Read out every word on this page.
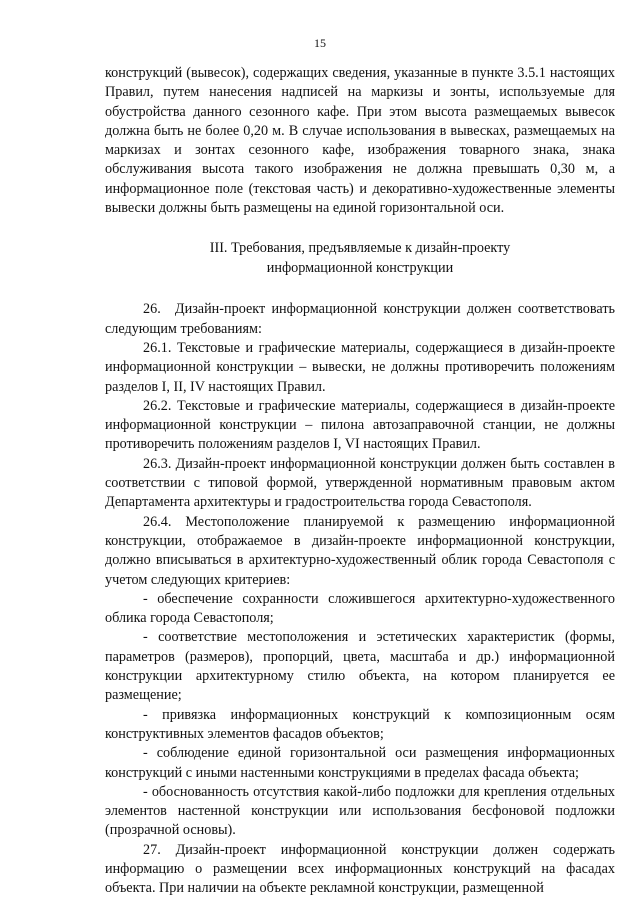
15

конструкций (вывесок), содержащих сведения, указанные в пункте 3.5.1 настоящих Правил, путем нанесения надписей на маркизы и зонты, используемые для обустройства данного сезонного кафе. При этом высота размещаемых вывесок должна быть не более 0,20 м. В случае использования в вывесках, размещаемых на маркизах и зонтах сезонного кафе, изображения товарного знака, знака обслуживания высота такого изображения не должна превышать 0,30 м, а информационное поле (текстовая часть) и декоративно-художественные элементы вывески должны быть размещены на единой горизонтальной оси.

III. Требования, предъявляемые к дизайн-проекту
информационной конструкции

26. Дизайн-проект информационной конструкции должен соответствовать следующим требованиям:

26.1. Текстовые и графические материалы, содержащиеся в дизайн-проекте информационной конструкции – вывески, не должны противоречить положениям разделов I, II, IV настоящих Правил.

26.2. Текстовые и графические материалы, содержащиеся в дизайн-проекте информационной конструкции – пилона автозаправочной станции, не должны противоречить положениям разделов I, VI настоящих Правил.

26.3. Дизайн-проект информационной конструкции должен быть составлен в соответствии с типовой формой, утвержденной нормативным правовым актом Департамента архитектуры и градостроительства города Севастополя.

26.4. Местоположение планируемой к размещению информационной конструкции, отображаемое в дизайн-проекте информационной конструкции, должно вписываться в архитектурно-художественный облик города Севастополя с учетом следующих критериев:

- обеспечение сохранности сложившегося архитектурно-художественного облика города Севастополя;

- соответствие местоположения и эстетических характеристик (формы, параметров (размеров), пропорций, цвета, масштаба и др.) информационной конструкции архитектурному стилю объекта, на котором планируется ее размещение;

- привязка информационных конструкций к композиционным осям конструктивных элементов фасадов объектов;

- соблюдение единой горизонтальной оси размещения информационных конструкций с иными настенными конструкциями в пределах фасада объекта;

- обоснованность отсутствия какой-либо подложки для крепления отдельных элементов настенной конструкции или использования бесфоновой подложки (прозрачной основы).

27. Дизайн-проект информационной конструкции должен содержать информацию о размещении всех информационных конструкций на фасадах объекта. При наличии на объекте рекламной конструкции, размещенной
